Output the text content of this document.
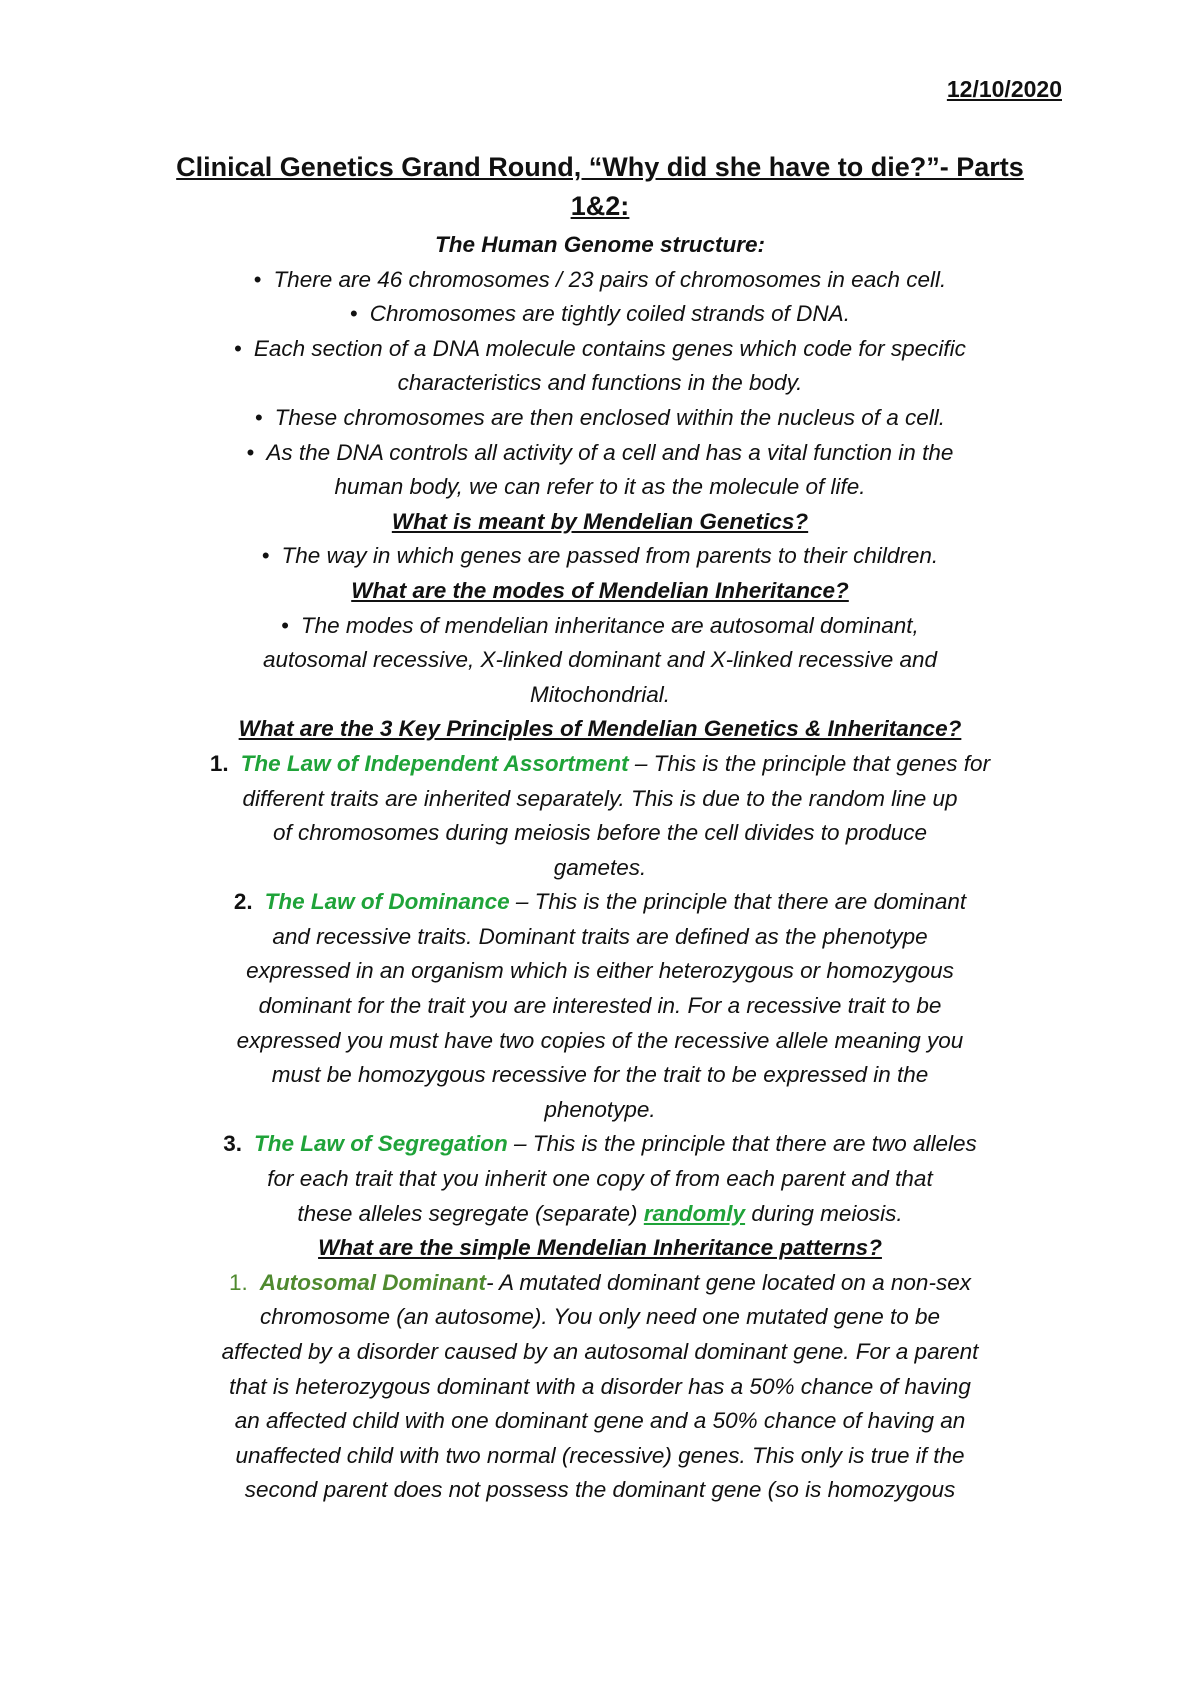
12/10/2020
Clinical Genetics Grand Round, “Why did she have to die?”- Parts
1&2:
The Human Genome structure:
• There are 46 chromosomes / 23 pairs of chromosomes in each cell.
• Chromosomes are tightly coiled strands of DNA.
• Each section of a DNA molecule contains genes which code for specific
characteristics and functions in the body.
• These chromosomes are then enclosed within the nucleus of a cell.
• As the DNA controls all activity of a cell and has a vital function in the
human body, we can refer to it as the molecule of life.
What is meant by Mendelian Genetics?
• The way in which genes are passed from parents to their children.
What are the modes of Mendelian Inheritance?
• The modes of mendelian inheritance are autosomal dominant,
autosomal recessive, X-linked dominant and X-linked recessive and
Mitochondrial.
What are the 3 Key Principles of Mendelian Genetics & Inheritance?
1. The Law of Independent Assortment – This is the principle that genes for
different traits are inherited separately. This is due to the random line up
of chromosomes during meiosis before the cell divides to produce
gametes.
2. The Law of Dominance – This is the principle that there are dominant
and recessive traits. Dominant traits are defined as the phenotype
expressed in an organism which is either heterozygous or homozygous
dominant for the trait you are interested in. For a recessive trait to be
expressed you must have two copies of the recessive allele meaning you
must be homozygous recessive for the trait to be expressed in the
phenotype.
3. The Law of Segregation – This is the principle that there are two alleles
for each trait that you inherit one copy of from each parent and that
these alleles segregate (separate) randomly during meiosis.
What are the simple Mendelian Inheritance patterns?
1. Autosomal Dominant- A mutated dominant gene located on a non-sex
chromosome (an autosome). You only need one mutated gene to be
affected by a disorder caused by an autosomal dominant gene. For a parent
that is heterozygous dominant with a disorder has a 50% chance of having
an affected child with one dominant gene and a 50% chance of having an
unaffected child with two normal (recessive) genes. This only is true if the
second parent does not possess the dominant gene (so is homozygous
